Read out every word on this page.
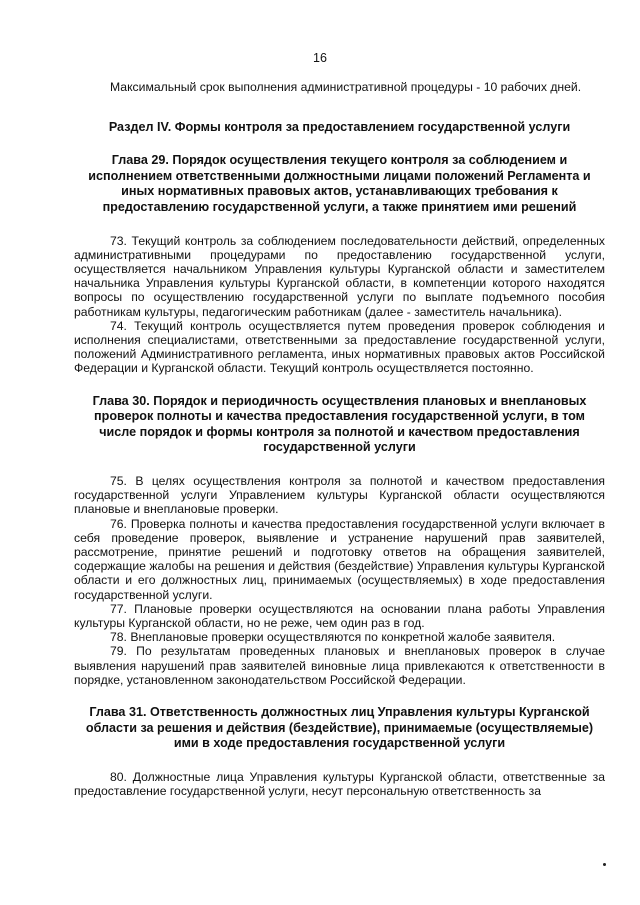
16

Максимальный срок выполнения административной процедуры - 10 рабочих дней.

Раздел IV. Формы контроля за предоставлением государственной услуги
Глава 29. Порядок осуществления текущего контроля за соблюдением и исполнением ответственными должностными лицами положений Регламента и иных нормативных правовых актов, устанавливающих требования к предоставлению государственной услуги, а также принятием ими решений

73. Текущий контроль за соблюдением последовательности действий, определенных административными процедурами по предоставлению государственной услуги, осуществляется начальником Управления культуры Курганской области и заместителем начальника Управления культуры Курганской области, в компетенции которого находятся вопросы по осуществлению государственной услуги по выплате подъемного пособия работникам культуры, педагогическим работникам (далее - заместитель начальника).

74. Текущий контроль осуществляется путем проведения проверок соблюдения и исполнения специалистами, ответственными за предоставление государственной услуги, положений Административного регламента, иных нормативных правовых актов Российской Федерации и Курганской области. Текущий контроль осуществляется постоянно.

Глава 30. Порядок и периодичность осуществления плановых и внеплановых проверок полноты и качества предоставления государственной услуги, в том числе порядок и формы контроля за полнотой и качеством предоставления государственной услуги

75. В целях осуществления контроля за полнотой и качеством предоставления государственной услуги Управлением культуры Курганской области осуществляются плановые и внеплановые проверки.

76. Проверка полноты и качества предоставления государственной услуги включает в себя проведение проверок, выявление и устранение нарушений прав заявителей, рассмотрение, принятие решений и подготовку ответов на обращения заявителей, содержащие жалобы на решения и действия (бездействие) Управления культуры Курганской области и его должностных лиц, принимаемых (осуществляемых) в ходе предоставления государственной услуги.

77. Плановые проверки осуществляются на основании плана работы Управления культуры Курганской области, но не реже, чем один раз в год.

78. Внеплановые проверки осуществляются по конкретной жалобе заявителя.

79. По результатам проведенных плановых и внеплановых проверок в случае выявления нарушений прав заявителей виновные лица привлекаются к ответственности в порядке, установленном законодательством Российской Федерации.

Глава 31. Ответственность должностных лиц Управления культуры Курганской области за решения и действия (бездействие), принимаемые (осуществляемые) ими в ходе предоставления государственной услуги

80. Должностные лица Управления культуры Курганской области, ответственные за предоставление государственной услуги, несут персональную ответственность за
